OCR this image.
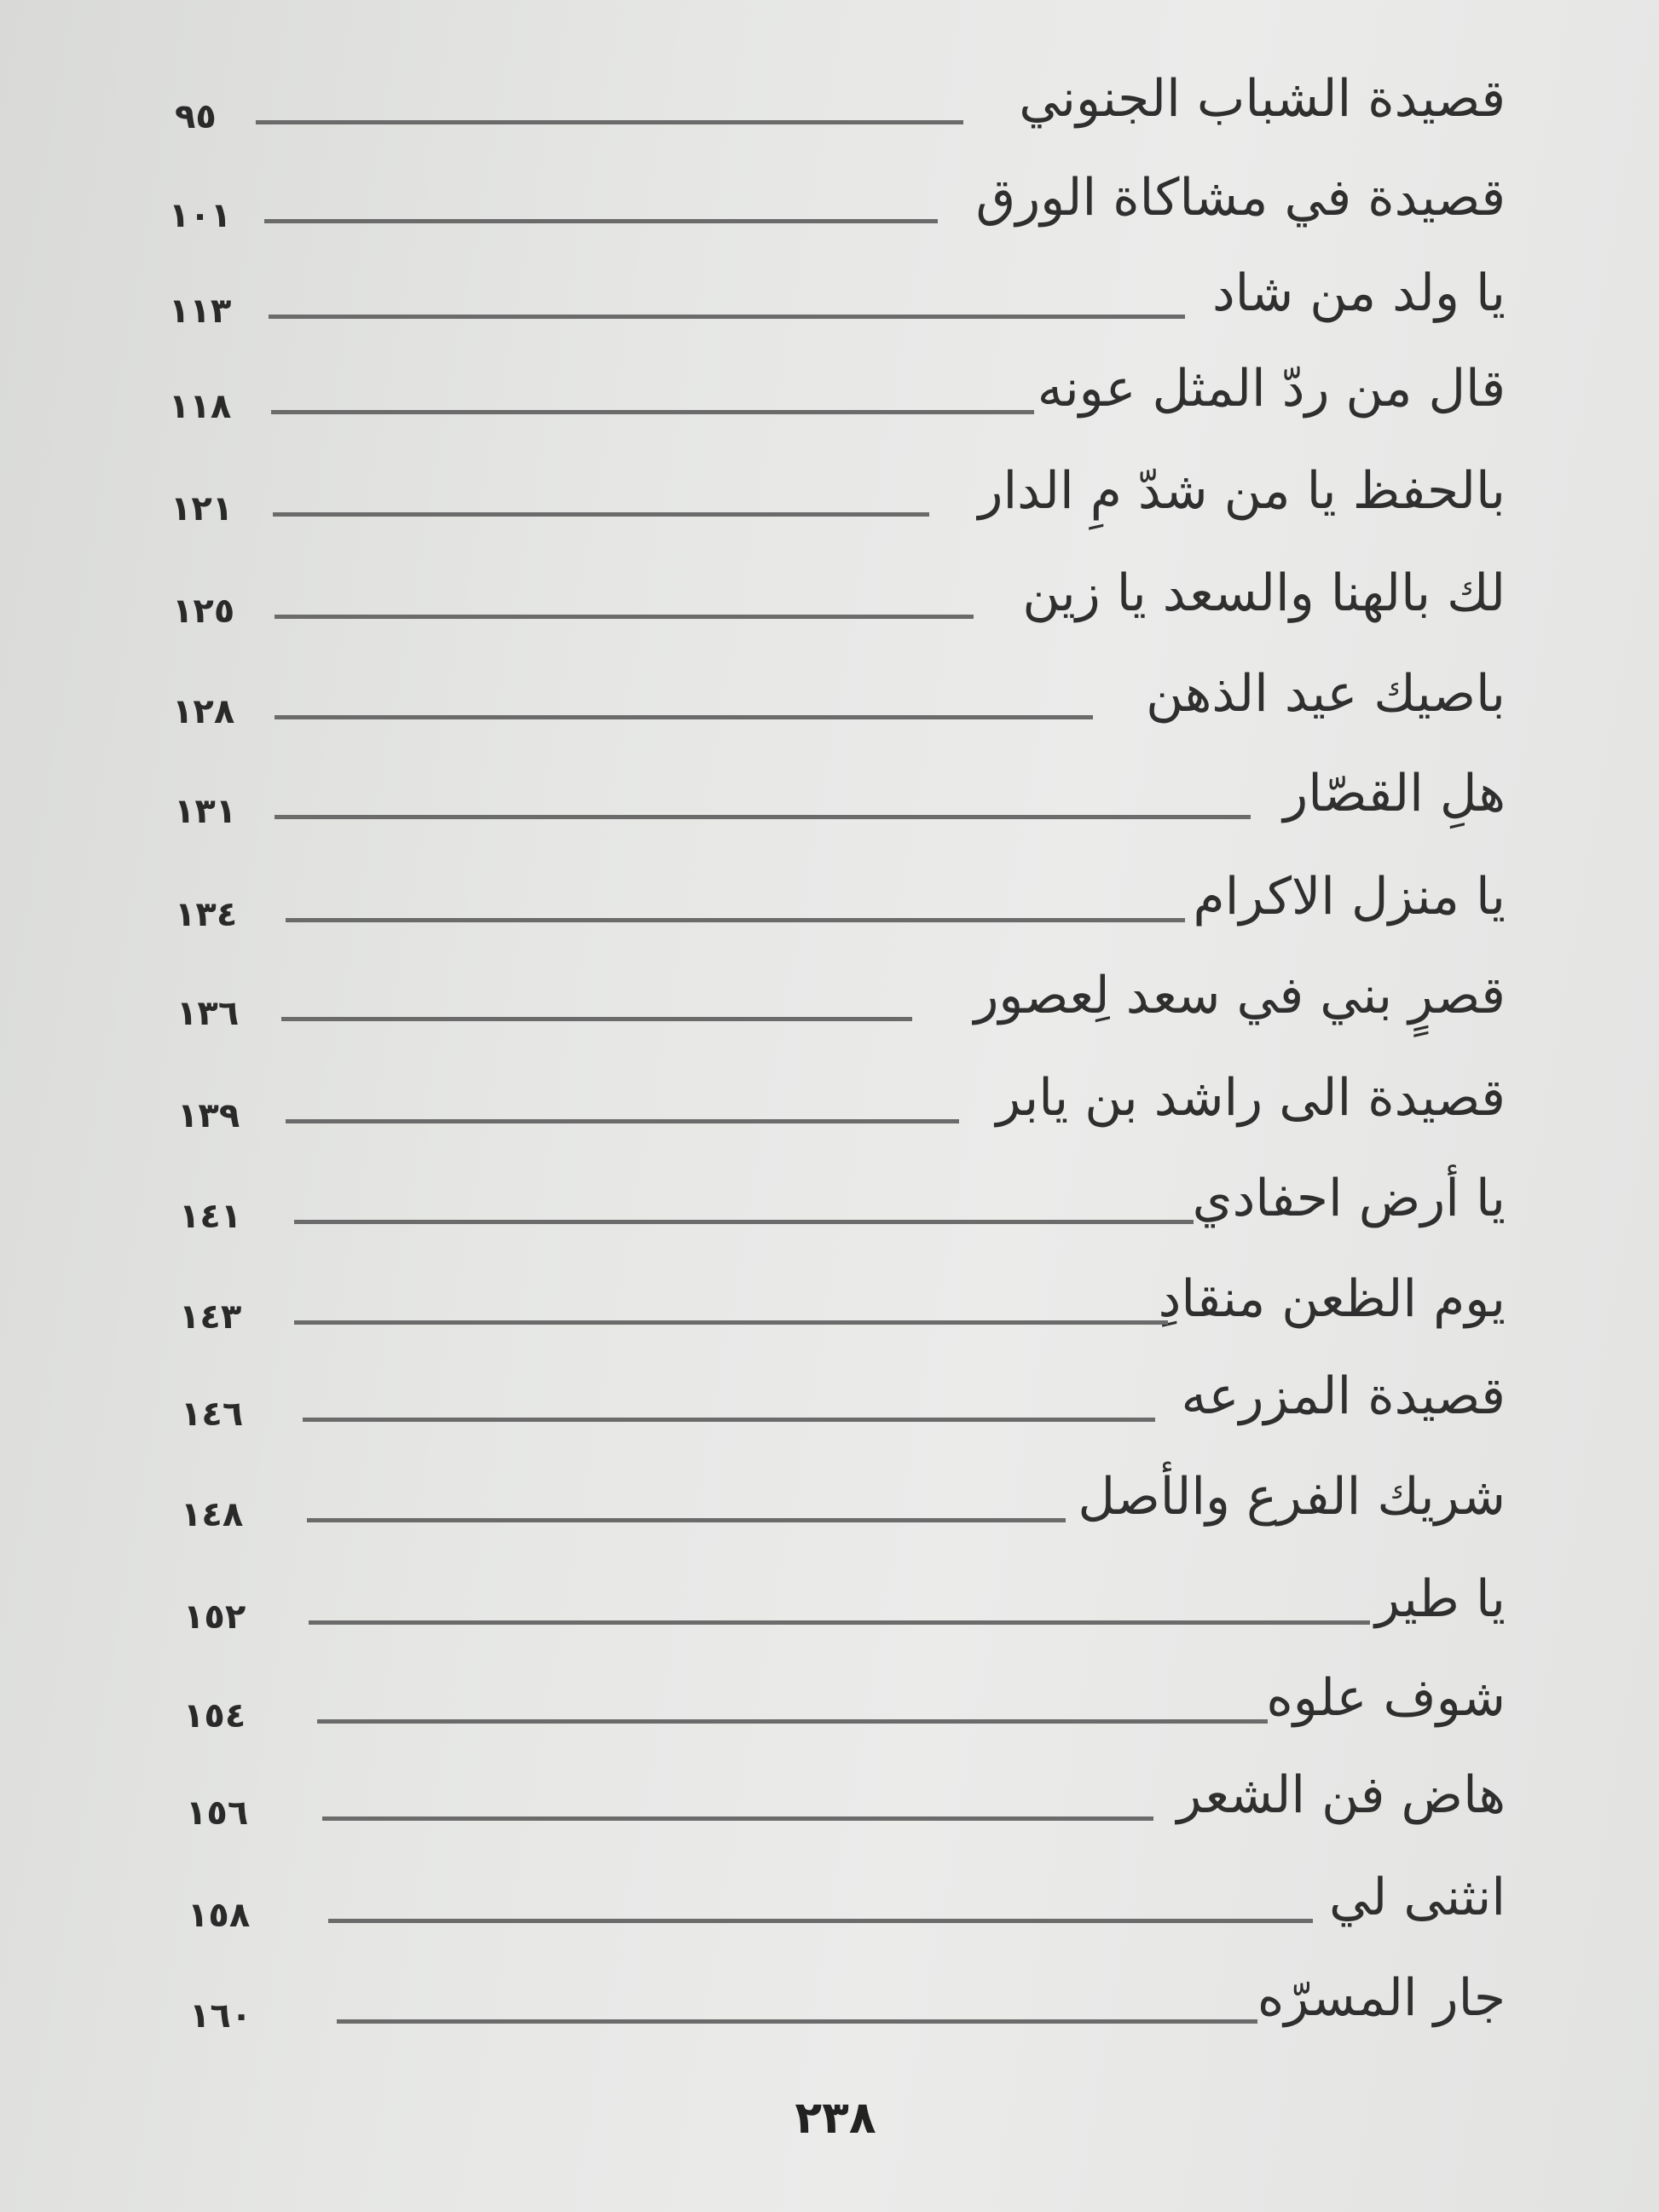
قصيدة الشباب الجنوني
٩٥
قصيدة في مشاكاة الورق
١٠١
يا ولد من شاد
١١٣
قال من ردّ المثل عونه
١١٨
بالحفظ يا من شدّ مِ الدار
١٢١
لك بالهنا والسعد يا زين
١٢٥
باصيك عيد الذهن
١٢٨
هلِ القصّار
١٣١
يا منزل الاكرام
١٣٤
قصرٍ بني في سعد لِعصور
١٣٦
قصيدة الى راشد بن يابر
١٣٩
يا أرض احفادي
١٤١
يوم الظعن منقادِ
١٤٣
قصيدة المزرعه
١٤٦
شريك الفرع والأصل
١٤٨
يا طير
١٥٢
شوف علوه
١٥٤
هاض فن الشعر
١٥٦
انثنى لي
١٥٨
جار المسرّه
١٦٠
٢٣٨
